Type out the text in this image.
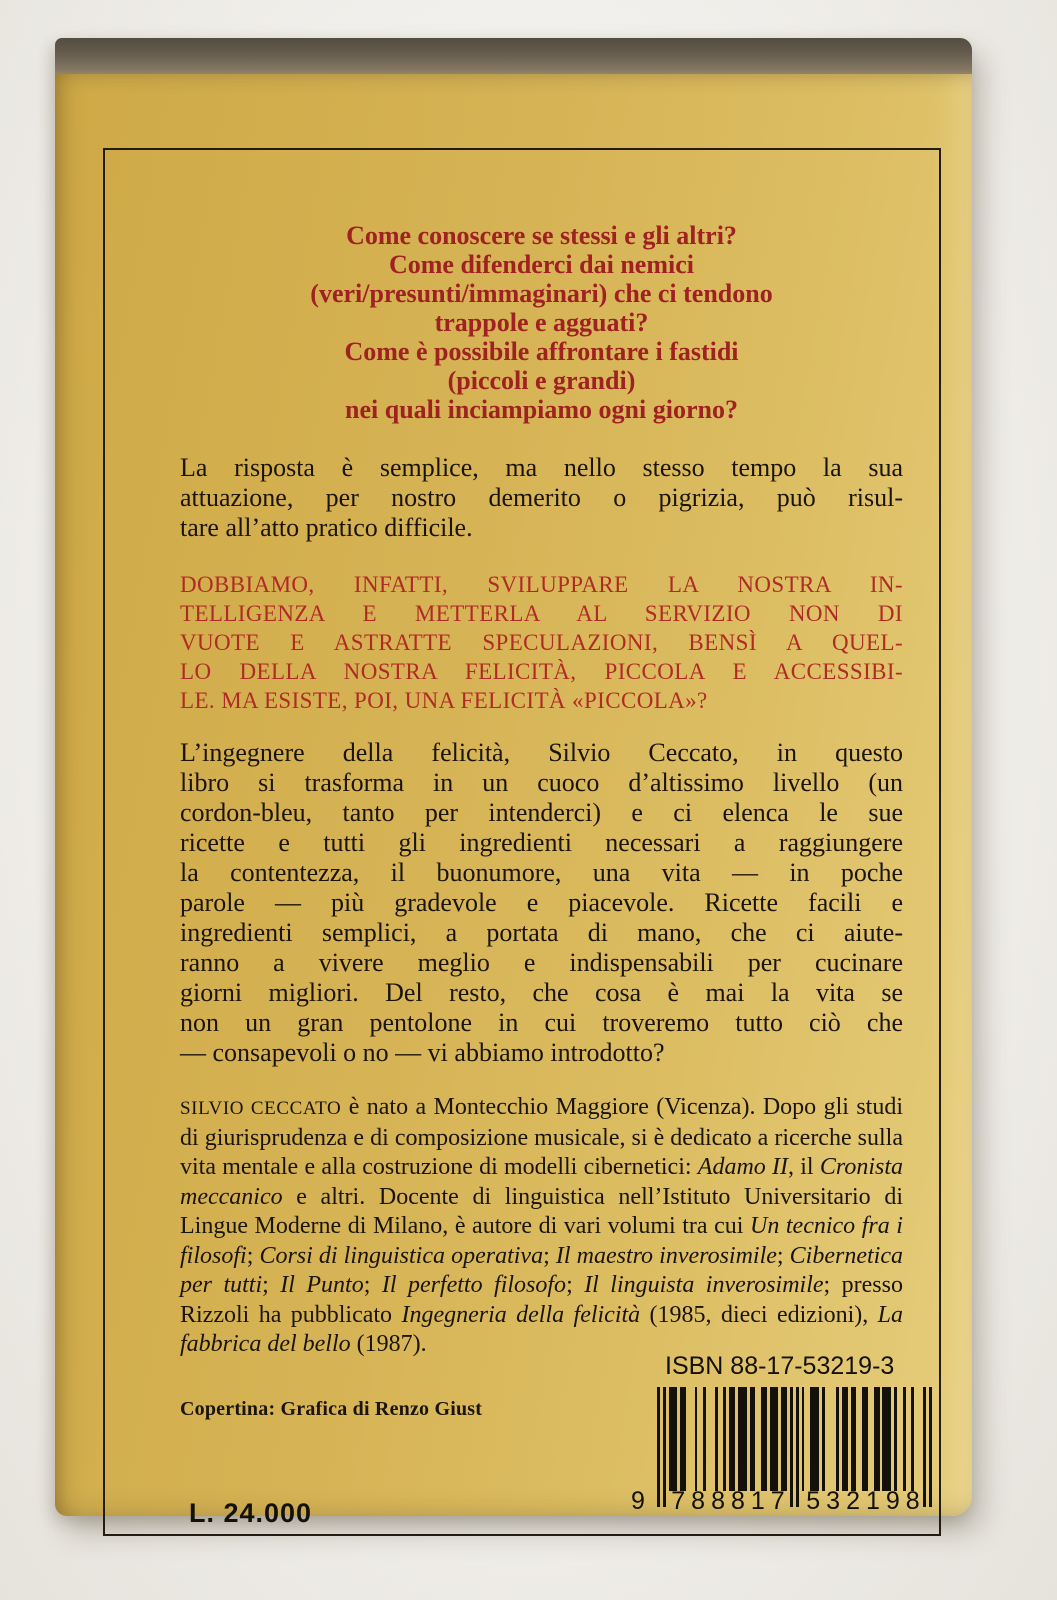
Come conoscere se stessi e gli altri?
Come difenderci dai nemici
(veri/presunti/immaginari) che ci tendono
trappole e agguati?
Come è possibile affrontare i fastidi
(piccoli e grandi)
nei quali inciampiamo ogni giorno?
La risposta è semplice, ma nello stesso tempo la sua
attuazione, per nostro demerito o pigrizia, può risul-
tare all’atto pratico difficile.
DOBBIAMO, INFATTI, SVILUPPARE LA NOSTRA IN-
TELLIGENZA E METTERLA AL SERVIZIO NON DI
VUOTE E ASTRATTE SPECULAZIONI, BENSÌ A QUEL-
LO DELLA NOSTRA FELICITÀ, PICCOLA E ACCESSIBI-
LE. MA ESISTE, POI, UNA FELICITÀ «PICCOLA»?
L’ingegnere della felicità, Silvio Ceccato, in questo
libro si trasforma in un cuoco d’altissimo livello (un
cordon-bleu, tanto per intenderci) e ci elenca le sue
ricette e tutti gli ingredienti necessari a raggiungere
la contentezza, il buonumore, una vita — in poche
parole — più gradevole e piacevole. Ricette facili e
ingredienti semplici, a portata di mano, che ci aiute-
ranno a vivere meglio e indispensabili per cucinare
giorni migliori. Del resto, che cosa è mai la vita se
non un gran pentolone in cui troveremo tutto ciò che
— consapevoli o no — vi abbiamo introdotto?
SILVIO CECCATO è nato a Montecchio Maggiore (Vicenza). Dopo gli studi di giurisprudenza e di composizione musicale, si è dedicato a ricerche sulla vita mentale e alla costruzione di modelli cibernetici: Adamo II, il Cronista meccanico e altri. Docente di linguistica nell’Istituto Universitario di Lingue Moderne di Milano, è autore di vari volumi tra cui Un tecnico fra i filosofi; Corsi di linguistica operativa; Il maestro inverosimile; Cibernetica per tutti; Il Punto; Il perfetto filosofo; Il linguista inverosimile; presso Rizzoli ha pubblicato Ingegneria della felicità (1985, dieci edizioni), La fabbrica del bello (1987).
Copertina: Grafica di Renzo Giust
L. 24.000
ISBN 88-17-53219-3
9 788817 532198
